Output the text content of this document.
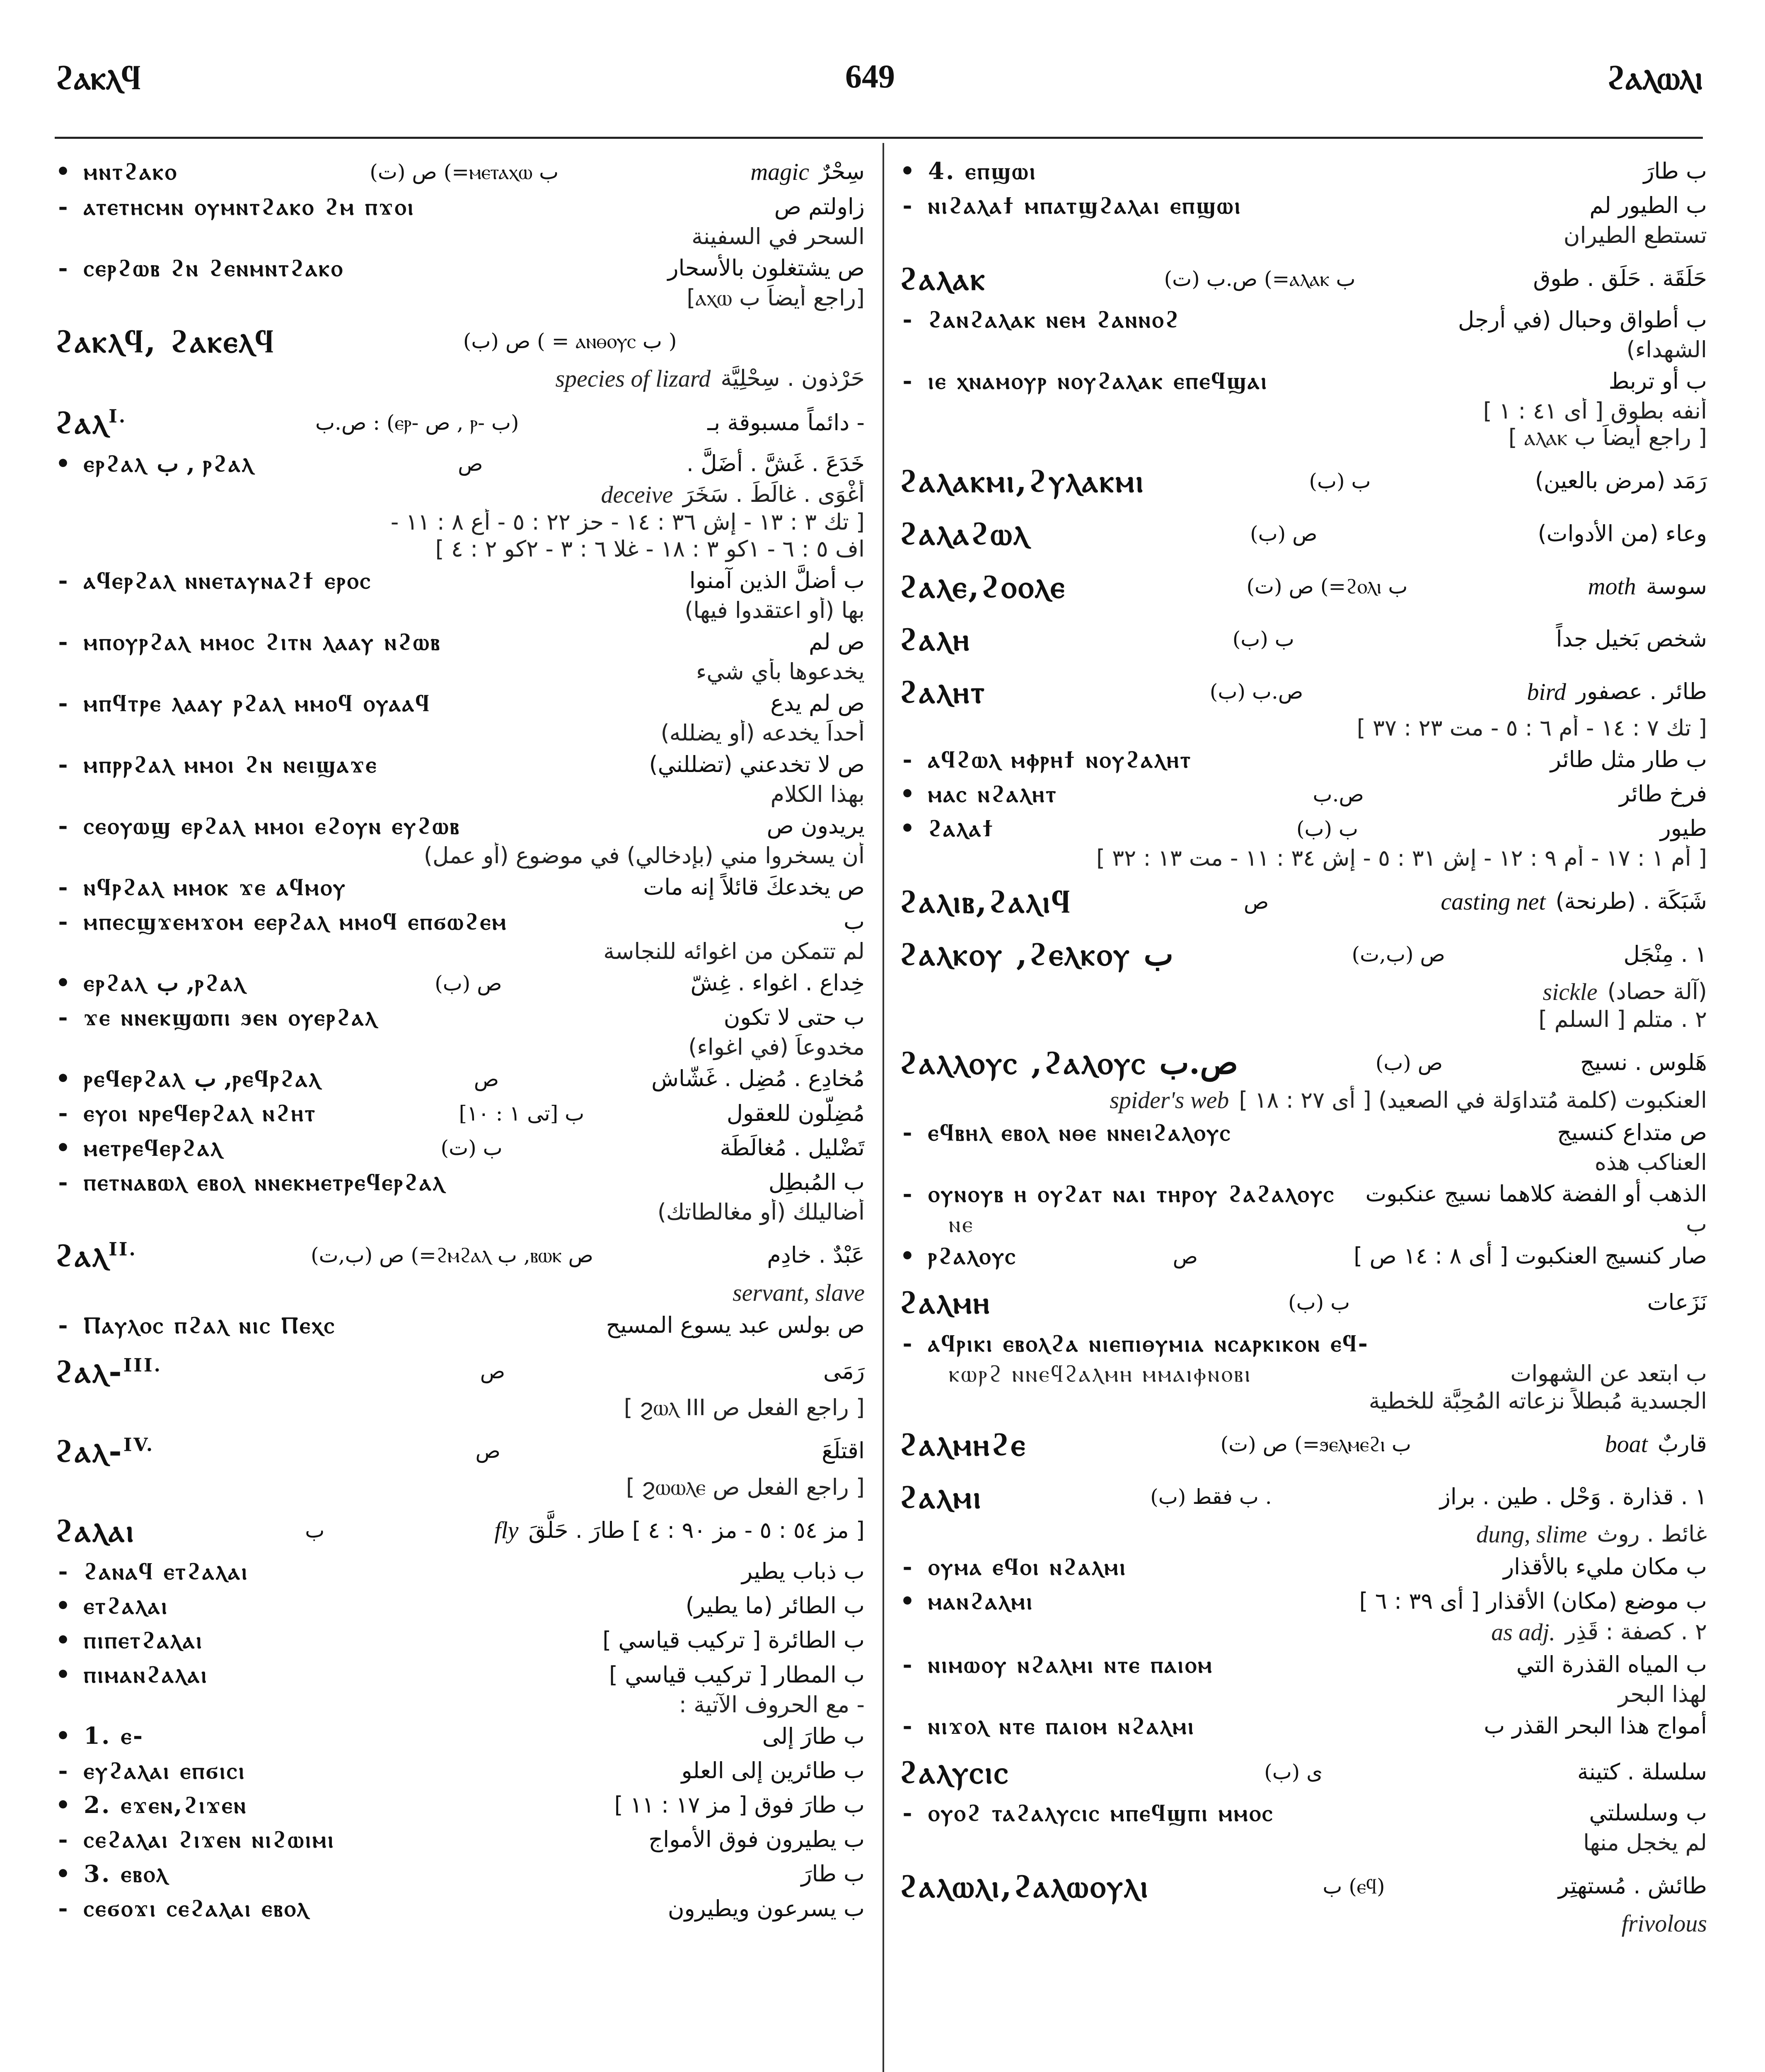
ϩⲁⲕⲗϥ	649	ϩⲁⲗⲱⲗⲓ
• ⲙⲛⲧϩⲁⲕⲟ	ص (ت) (=ⲙⲉⲧⲁⲭⲱ ب	magic سِحْرٌ
- ⲁⲧⲉⲧⲏⲥⲙⲛ ⲟⲩⲙⲛⲧϩⲁⲕⲟ ϩⲙ ⲡϫⲟⲓ	زاولتم ص
السحر في السفينة
- ⲥⲉⲣϩⲱⲃ ϩⲛ ϩⲉⲛⲙⲛⲧϩⲁⲕⲟ	ص يشتغلون بالأسحار
[راجع أيضاً ب ⲁⲭⲱ]
ϩⲁⲕⲗϥ, ϩⲁⲕⲉⲗϥ	ص (ب) ( = ⲁⲛⲑⲟⲩⲥ ب )
species of lizard حَرْذون . سِحْلِيَّة
ϩⲁⲗ$^{I.}$	ص.ب : (ⲉⲣ- ص , ⲣ- ب)	- دائماً مسبوقة بـ
• ⲉⲣϩⲁⲗ ب , ⲣϩⲁⲗ	ص	خَدَعَ . غَشَّ . أضَلَّ .
deceive أغْوَى . غالَطَ . سَخَرَ
[ تك ٣ : ١٣ - إش ٣٦ : ١٤ - حز ٢٢ : ٥ - أع ٨ : ١١ -
اف ٥ : ٦ - ١كو ٣ : ١٨ - غلا ٦ : ٣ - ٢كو ٢ : ٤ ]
- ⲁϥⲉⲣϩⲁⲗ ⲛⲛⲉⲧⲁⲩⲛⲁϩϯ ⲉⲣⲟⲥ	ب أضلَّ الذين آمنوا
بها (أو اعتقدوا فيها)
- ⲙⲡⲟⲩⲣϩⲁⲗ ⲙⲙⲟⲥ ϩⲓⲧⲛ ⲗⲁⲁⲩ ⲛϩⲱⲃ	ص لم
يخدعوها بأي شيء
- ⲙⲡϥⲧⲣⲉ ⲗⲁⲁⲩ ⲣϩⲁⲗ ⲙⲙⲟϥ ⲟⲩⲁⲁϥ	ص لم يدع
أحداً يخدعه (أو يضلله)
- ⲙⲡⲣⲣϩⲁⲗ ⲙⲙⲟⲓ ϩⲛ ⲛⲉⲓϣⲁϫⲉ	ص لا تخدعني (تضللني)
بهذا الكلام
- ⲥⲉⲟⲩⲱϣ ⲉⲣϩⲁⲗ ⲙⲙⲟⲓ ⲉϩⲟⲩⲛ ⲉⲩϩⲱⲃ	يريدون ص
أن يسخروا مني (بإدخالي) في موضوع (أو عمل)
- ⲛϥⲣϩⲁⲗ ⲙⲙⲟⲕ ϫⲉ ⲁϥⲙⲟⲩ	ص يخدعكَ قائلاً إنه مات
- ⲙⲡⲉⲥϣϫⲉⲙϫⲟⲙ ⲉⲉⲣϩⲁⲗ ⲙⲙⲟϥ ⲉⲡϭⲱϩⲉⲙ	ب
لم تتمكن من اغوائه للنجاسة
• ⲉⲣϩⲁⲗ ب ,ⲣϩⲁⲗ	ص (ب)	خِداع . اغواء . غِشّ
- ϫⲉ ⲛⲛⲉⲕϣⲱⲡⲓ ϧⲉⲛ ⲟⲩⲉⲣϩⲁⲗ	ب حتى لا تكون
مخدوعاً (في اغواء)
• ⲣⲉϥⲉⲣϩⲁⲗ ب ,ⲣⲉϥⲣϩⲁⲗ	ص	مُخادِع . مُضِل . غَشّاش
- ⲉⲩⲟⲓ ⲛⲣⲉϥⲉⲣϩⲁⲗ ⲛϩⲏⲧ	ب [تى ١ : ١٠]	مُضِلّون للعقول
• ⲙⲉⲧⲣⲉϥⲉⲣϩⲁⲗ	ب (ت)	تَضْليل . مُغالَطَة
- ⲡⲉⲧⲛⲁⲃⲱⲗ ⲉⲃⲟⲗ ⲛⲛⲉⲕⲙⲉⲧⲣⲉϥⲉⲣϩⲁⲗ	ب المُبطِل
أضاليلك (أو مغالطاتك)
ϩⲁⲗ$^{II.}$	ص (ب,ت) (=ϩⲙϩⲁⲗ ب ,ⲃⲱⲕ ص	عَبْدٌ . خادِم
servant, slave
- Ⲡⲁⲩⲗⲟⲥ ⲡϩⲁⲗ ⲛⲓⲥ Ⲡⲉⲭⲥ	ص بولس عبد يسوع المسيح
ϩⲁⲗ-$^{III.}$	ص	رَمَى
[ راجع الفعل ص ϩⲱⲗ III ]
ϩⲁⲗ-$^{IV.}$	ص	اقتلَعَ
[ راجع الفعل ص ϩⲱⲱⲗⲉ ]
ϩⲁⲗⲁⲓ	ب	fly [ مز ٥٤ : ٥ - مز ٩٠ : ٤ ] طارَ . حَلَّقَ
- ϩⲁⲛⲁϥ ⲉⲧϩⲁⲗⲁⲓ	ب ذباب يطير
• ⲉⲧϩⲁⲗⲁⲓ	ب الطائر (ما يطير)
• ⲡⲓⲡⲉⲧϩⲁⲗⲁⲓ	ب الطائرة [ تركيب قياسي ]
• ⲡⲓⲙⲁⲛϩⲁⲗⲁⲓ	ب المطار [ تركيب قياسي ]
- مع الحروف الآتية :
• 1. ⲉ-	ب طارَ إلى
- ⲉⲩϩⲁⲗⲁⲓ ⲉⲡϭⲓⲥⲓ	ب طائرين إلى العلو
• 2. ⲉϫⲉⲛ,ϩⲓϫⲉⲛ	ب طارَ فوق [ مز ١٧ : ١١ ]
- ⲥⲉϩⲁⲗⲁⲓ ϩⲓϫⲉⲛ ⲛⲓϩⲱⲓⲙⲓ	ب يطيرون فوق الأمواج
• 3. ⲉⲃⲟⲗ	ب طارَ
- ⲥⲉϭⲟϫⲓ ⲥⲉϩⲁⲗⲁⲓ ⲉⲃⲟⲗ	ب يسرعون ويطيرون
• 4. ⲉⲡϣⲱⲓ	ب طارَ
- ⲛⲓϩⲁⲗⲁϯ ⲙⲡⲁⲧϣϩⲁⲗⲁⲓ ⲉⲡϣⲱⲓ	ب الطيور لم
تستطع الطيران
ϩⲁⲗⲁⲕ	ص.ب (ت) (=ⲁⲗⲁⲕ ب	حَلَقَة . حَلَق . طوق
- ϩⲁⲛϩⲁⲗⲁⲕ ⲛⲉⲙ ϩⲁⲛⲛⲟϩ	ب أطواق وحبال (في أرجل
الشهداء)
- ⲓⲉ ⲭⲛⲁⲙⲟⲩⲣ ⲛⲟⲩϩⲁⲗⲁⲕ ⲉⲡⲉϥϣⲁⲓ	ب أو تربط
أنفه بطوق [ أى ٤١ : ١ ]
[ راجع أيضاً ب ⲁⲗⲁⲕ ]
ϩⲁⲗⲁⲕⲙⲓ,ϩⲩⲗⲁⲕⲙⲓ	ب (ب)	رَمَد (مرض بالعين)
ϩⲁⲗⲁϩⲱⲗ	ص (ب)	وعاء (من الأدوات)
ϩⲁⲗⲉ,ϩⲟⲟⲗⲉ	ص (ت) (=ϩⲟⲗⲓ ب	moth سوسة
ϩⲁⲗⲏ	ب (ب)	شخص بَخيل جداً
ϩⲁⲗⲏⲧ	ص.ب (ب)	bird طائر . عصفور
[ تك ٧ : ١٤ - أم ٦ : ٥ - مت ٢٣ : ٣٧ ]
- ⲁϥϩⲱⲗ ⲙⲫⲣⲏϯ ⲛⲟⲩϩⲁⲗⲏⲧ	ب طار مثل طائر
• ⲙⲁⲥ ⲛϩⲁⲗⲏⲧ	ص.ب	فرخ طائر
• ϩⲁⲗⲁϯ	ب (ب)	طيور
[ أم ١ : ١٧ - أم ٩ : ١٢ - إش ٣١ : ٥ - إش ٣٤ : ١١ - مت ١٣ : ٣٢ ]
ϩⲁⲗⲓⲃ,ϩⲁⲗⲓϥ	ص	casting net شَبَكَة . (طرنحة)
ϩⲁⲗⲕⲟⲩ ,ϩⲉⲗⲕⲟⲩ ب	ص (ب,ت)	١ . مِنْجَل
sickle (آلة حصاد)
٢ . متلم [ السلم ]
ϩⲁⲗⲗⲟⲩⲥ ,ϩⲁⲗⲟⲩⲥ ص.ب	ص (ب)	هَلوس . نسيج
spider's web العنكبوت (كلمة مُتداوَلة في الصعيد) [ أى ٢٧ : ١٨ ]
- ⲉϥⲃⲏⲗ ⲉⲃⲟⲗ ⲛⲑⲉ ⲛⲛⲉⲓϩⲁⲗⲟⲩⲥ	ص متداع كنسيج
العناكب هذه
- ⲟⲩⲛⲟⲩⲃ ⲏ ⲟⲩϩⲁⲧ ⲛⲁⲓ ⲧⲏⲣⲟⲩ ϩⲁϩⲁⲗⲟⲩⲥ الذهب أو الفضة كلاهما نسيج عنكبوت
ⲛⲉ	ب
• ⲣϩⲁⲗⲟⲩⲥ	ص	صار كنسيج العنكبوت [ أى ٨ : ١٤ ص ]
ϩⲁⲗⲙⲏ	ب (ب)	نَزَعات
- ⲁϥⲣⲓⲕⲓ ⲉⲃⲟⲗϩⲁ ⲛⲓⲉⲡⲓⲑⲩⲙⲓⲁ ⲛⲥⲁⲣⲕⲓⲕⲟⲛ ⲉϥ-
ⲕⲱⲣϩ ⲛⲛⲉϥϩⲁⲗⲙⲏ ⲙⲙⲁⲓⲫⲛⲟⲃⲓ	ب ابتعد عن الشهوات
الجسدية مُبطلاً نزعاته المُحِبَّة للخطية
ϩⲁⲗⲙⲏϩⲉ	ص (ت) (=ϧⲉⲗⲙⲉϩⲓ ب	boat قاربٌ
ϩⲁⲗⲙⲓ	ب فقط (ب) .	١ . قذارة . وَحْل . طين . براز
dung, slime غائط . روث
- ⲟⲩⲙⲁ ⲉϥⲟⲓ ⲛϩⲁⲗⲙⲓ	ب مكان مليء بالأقذار
• ⲙⲁⲛϩⲁⲗⲙⲓ	ب موضع (مكان) الأقذار [ أى ٣٩ : ٦ ]
as adj. ٢ . كصفة : قَذِر
- ⲛⲓⲙⲱⲟⲩ ⲛϩⲁⲗⲙⲓ ⲛⲧⲉ ⲡⲁⲓⲟⲙ	ب المياه القذرة التي
لهذا البحر
- ⲛⲓϫⲟⲗ ⲛⲧⲉ ⲡⲁⲓⲟⲙ ⲛϩⲁⲗⲙⲓ	أمواج هذا البحر القذر ب
ϩⲁⲗⲩⲥⲓⲥ	ى (ب)	سلسلة . كتينة
- ⲟⲩⲟϩ ⲧⲁϩⲁⲗⲩⲥⲓⲥ ⲙⲡⲉϥϣⲡⲓ ⲙⲙⲟⲥ	ب وسلسلتي
لم يخجل منها
ϩⲁⲗⲱⲗⲓ,ϩⲁⲗⲱⲟⲩⲗⲓ	ب (ⲉϥ)	طائش . مُستهتِر
frivolous
